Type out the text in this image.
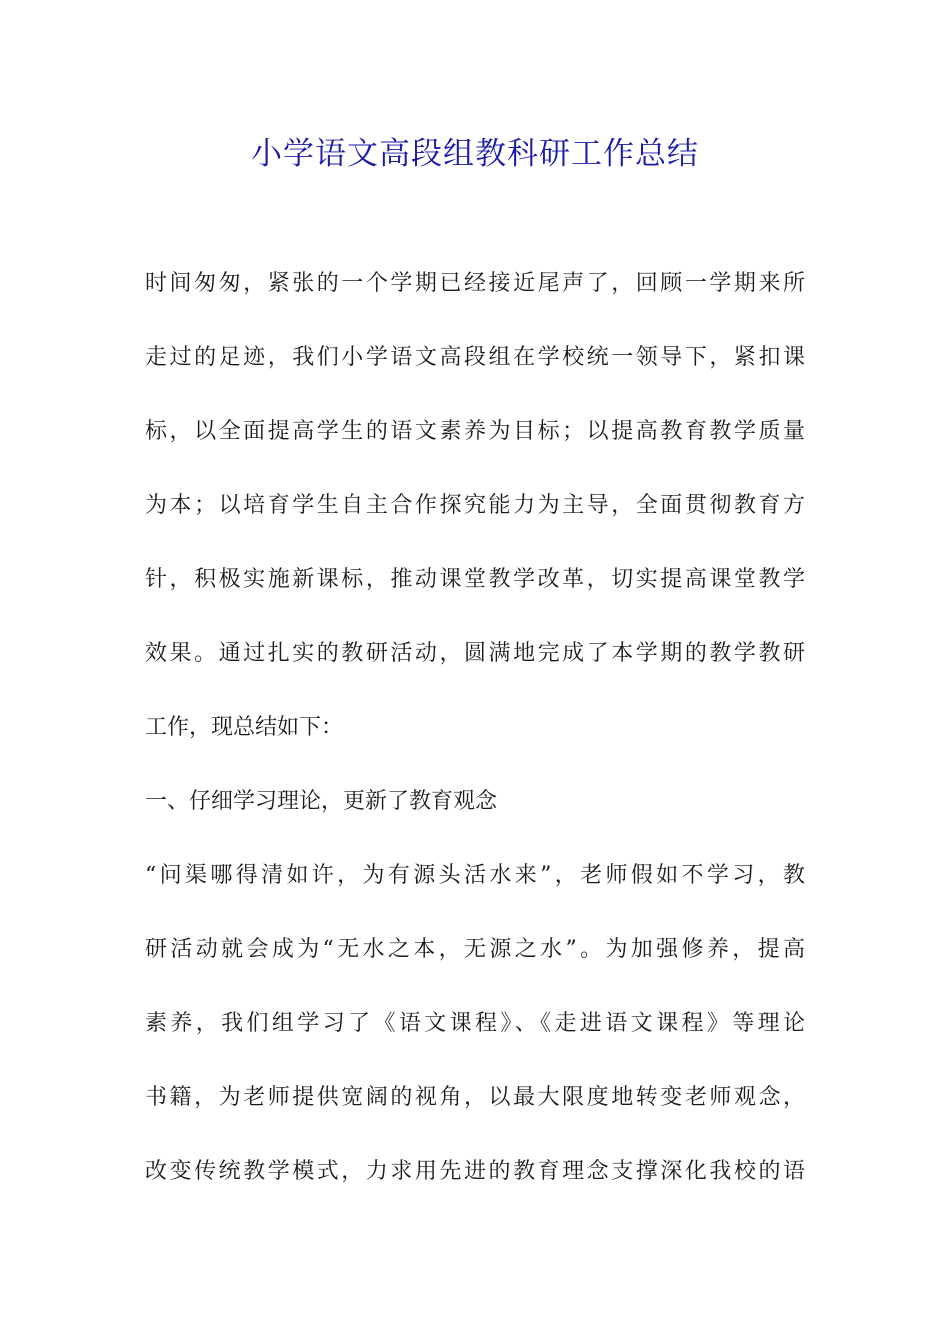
小学语文高段组教科研工作总结
时间匆匆，紧张的一个学期已经接近尾声了，回顾一学期来所
走过的足迹，我们小学语文高段组在学校统一领导下，紧扣课
标，以全面提高学生的语文素养为目标；以提高教育教学质量
为本；以培育学生自主合作探究能力为主导，全面贯彻教育方
针，积极实施新课标，推动课堂教学改革，切实提高课堂教学
效果。通过扎实的教研活动，圆满地完成了本学期的教学教研
工作，现总结如下：
一、仔细学习理论，更新了教育观念
“问渠哪得清如许，为有源头活水来”，老师假如不学习，教
研活动就会成为“无水之本，无源之水”。为加强修养，提高
素养，我们组学习了《语文课程》、《走进语文课程》等理论
书籍，为老师提供宽阔的视角，以最大限度地转变老师观念，
改变传统教学模式，力求用先进的教育理念支撑深化我校的语
